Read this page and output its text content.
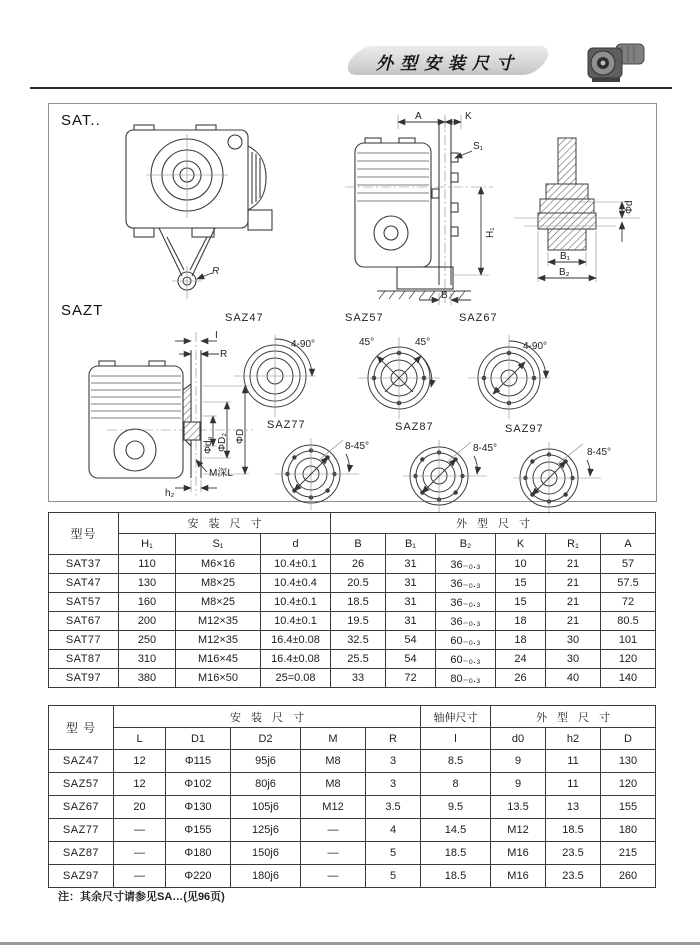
外型安装尺寸
SAT..
SAZT
R
A	K
S₁
H₁
B
Φd
B₁
B₂
I
R
Φd₀ ΦD₂ ΦD
M深L
h₂
SAZ47
4-90°
SAZ57
45°	45°
SAZ67
4-90°
SAZ77
8-45°
SAZ87
8-45°
SAZ97
8-45°
型号	安装尺寸			外型尺寸					
	H₁	S₁	d	B	B₁	B₂	K	R₁	A
SAT37	110	M6×16	10.4±0.1	26	31	36₋₀.₃	10	21	57
SAT47	130	M8×25	10.4±0.4	20.5	31	36₋₀.₃	15	21	57.5
SAT57	160	M8×25	10.4±0.1	18.5	31	36₋₀.₃	15	21	72
SAT67	200	M12×35	10.4±0.1	19.5	31	36₋₀.₃	18	21	80.5
SAT77	250	M12×35	16.4±0.08	32.5	54	60₋₀.₃	18	30	101
SAT87	310	M16×45	16.4±0.08	25.5	54	60₋₀.₃	24	30	120
SAT97	380	M16×50	25=0.08	33	72	80₋₀.₃	26	40	140
型 号	安装尺寸					轴伸尺寸	外型尺寸		
	L	D1	D2	M	R	l	d0	h2	D
SAZ47	12	Φ115	95j6	M8	3	8.5	9	11	130
SAZ57	12	Φ102	80j6	M8	3	8	9	11	120
SAZ67	20	Φ130	105j6	M12	3.5	9.5	13.5	13	155
SAZ77	—	Φ155	125j6	—	4	14.5	M12	18.5	180
SAZ87	—	Φ180	150j6	—	5	18.5	M16	23.5	215
SAZ97	—	Φ220	180j6	—	5	18.5	M16	23.5	260
注：其余尺寸请参见SA…(见96页)
